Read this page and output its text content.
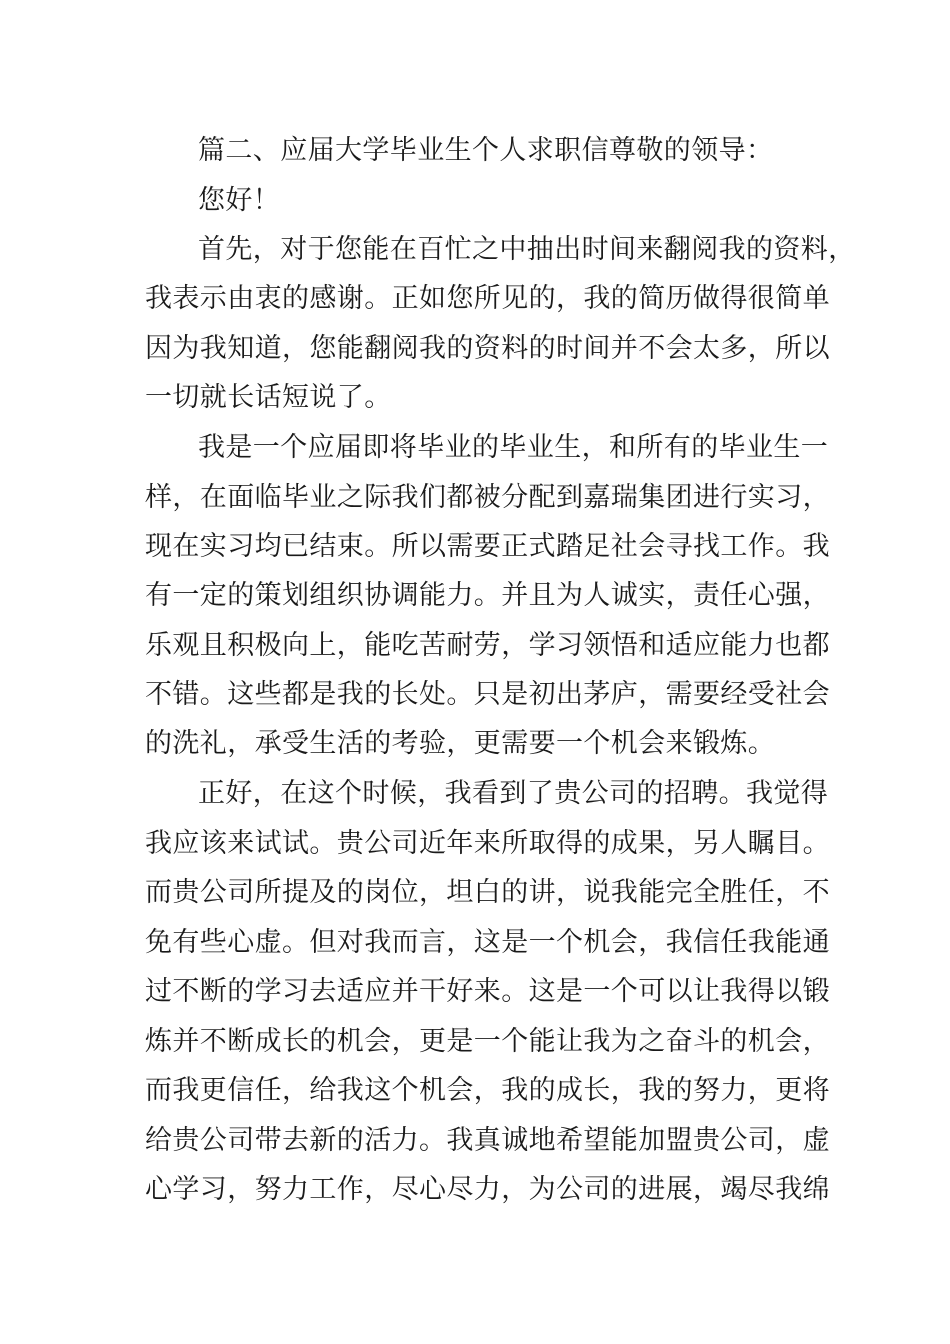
篇二、应届大学毕业生个人求职信尊敬的领导：
您好！
首先，对于您能在百忙之中抽出时间来翻阅我的资料，
我表示由衷的感谢。正如您所见的，我的简历做得很简单
因为我知道，您能翻阅我的资料的时间并不会太多，所以
一切就长话短说了。
我是一个应届即将毕业的毕业生，和所有的毕业生一
样，在面临毕业之际我们都被分配到嘉瑞集团进行实习，
现在实习均已结束。所以需要正式踏足社会寻找工作。我
有一定的策划组织协调能力。并且为人诚实，责任心强，
乐观且积极向上，能吃苦耐劳，学习领悟和适应能力也都
不错。这些都是我的长处。只是初出茅庐，需要经受社会
的洗礼，承受生活的考验，更需要一个机会来锻炼。
正好，在这个时候，我看到了贵公司的招聘。我觉得
我应该来试试。贵公司近年来所取得的成果，另人瞩目。
而贵公司所提及的岗位，坦白的讲，说我能完全胜任，不
免有些心虚。但对我而言，这是一个机会，我信任我能通
过不断的学习去适应并干好来。这是一个可以让我得以锻
炼并不断成长的机会，更是一个能让我为之奋斗的机会，
而我更信任，给我这个机会，我的成长，我的努力，更将
给贵公司带去新的活力。我真诚地希望能加盟贵公司，虚
心学习，努力工作，尽心尽力，为公司的进展，竭尽我绵
